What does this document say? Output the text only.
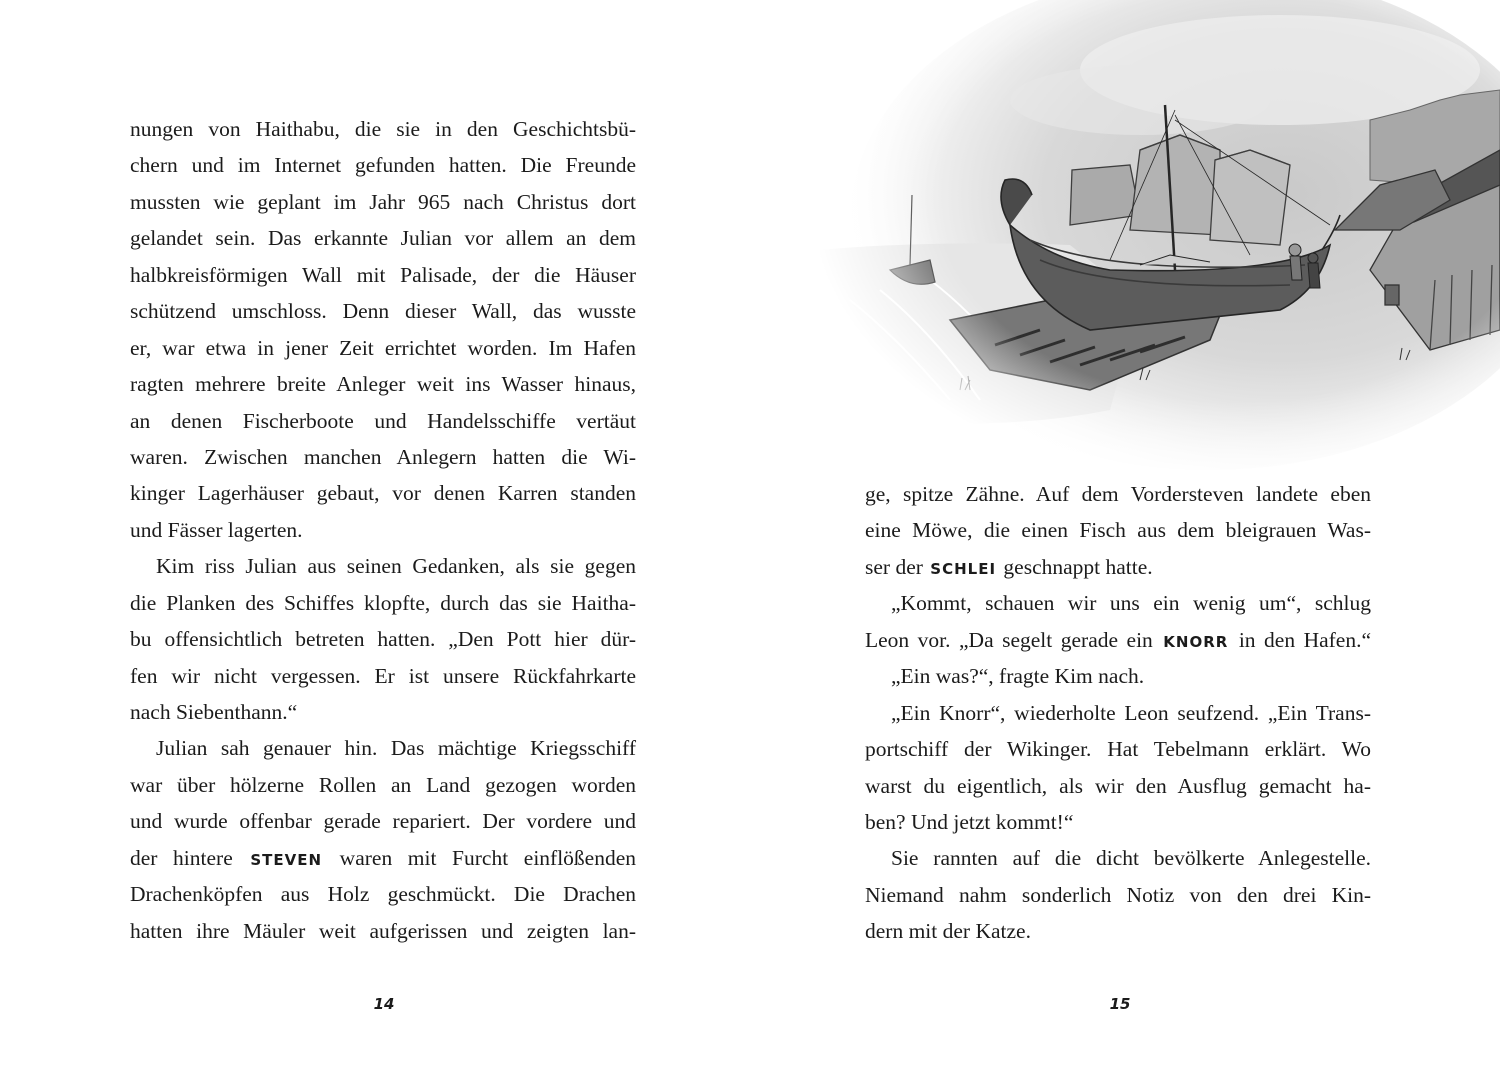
nungen von Haithabu, die sie in den Geschichtsbü-
chern und im Internet gefunden hatten. Die Freunde
mussten wie geplant im Jahr 965 nach Christus dort
gelandet sein. Das erkannte Julian vor allem an dem
halbkreisförmigen Wall mit Palisade, der die Häuser
schützend umschloss. Denn dieser Wall, das wusste
er, war etwa in jener Zeit errichtet worden. Im Hafen
ragten mehrere breite Anleger weit ins Wasser hinaus,
an denen Fischerboote und Handelsschiffe vertäut
waren. Zwischen manchen Anlegern hatten die Wi-
kinger Lagerhäuser gebaut, vor denen Karren standen
und Fässer lagerten.
Kim riss Julian aus seinen Gedanken, als sie gegen
die Planken des Schiffes klopfte, durch das sie Haitha-
bu offensichtlich betreten hatten. „Den Pott hier dür-
fen wir nicht vergessen. Er ist unsere Rückfahrkarte
nach Siebenthann.“
Julian sah genauer hin. Das mächtige Kriegsschiff
war über hölzerne Rollen an Land gezogen worden
und wurde offenbar gerade repariert. Der vordere und
der hintere STEVEN waren mit Furcht einflößenden
Drachenköpfen aus Holz geschmückt. Die Drachen
hatten ihre Mäuler weit aufgerissen und zeigten lan-
14
ge, spitze Zähne. Auf dem Vordersteven landete eben
eine Möwe, die einen Fisch aus dem bleigrauen Was-
ser der SCHLEI geschnappt hatte.
„Kommt, schauen wir uns ein wenig um“, schlug
Leon vor. „Da segelt gerade ein KNORR in den Hafen.“
„Ein was?“, fragte Kim nach.
„Ein Knorr“, wiederholte Leon seufzend. „Ein Trans-
portschiff der Wikinger. Hat Tebelmann erklärt. Wo
warst du eigentlich, als wir den Ausflug gemacht ha-
ben? Und jetzt kommt!“
Sie rannten auf die dicht bevölkerte Anlegestelle.
Niemand nahm sonderlich Notiz von den drei Kin-
dern mit der Katze.
15
